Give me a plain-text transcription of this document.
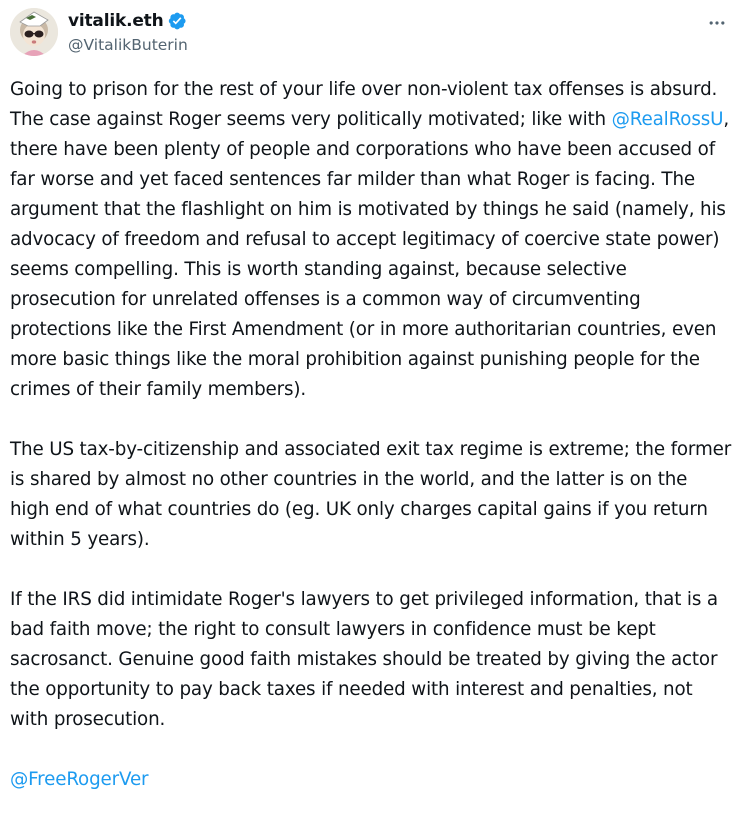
vitalik.eth
@VitalikButerin
Going to prison for the rest of your life over non-violent tax offenses is absurd. The case against Roger seems very politically motivated; like with @RealRossU, there have been plenty of people and corporations who have been accused of far worse and yet faced sentences far milder than what Roger is facing. The argument that the flashlight on him is motivated by things he said (namely, his advocacy of freedom and refusal to accept legitimacy of coercive state power) seems compelling. This is worth standing against, because selective prosecution for unrelated offenses is a common way of circumventing protections like the First Amendment (or in more authoritarian countries, even more basic things like the moral prohibition against punishing people for the crimes of their family members).
The US tax-by-citizenship and associated exit tax regime is extreme; the former is shared by almost no other countries in the world, and the latter is on the high end of what countries do (eg. UK only charges capital gains if you return within 5 years).
If the IRS did intimidate Roger's lawyers to get privileged information, that is a bad faith move; the right to consult lawyers in confidence must be kept sacrosanct. Genuine good faith mistakes should be treated by giving the actor the opportunity to pay back taxes if needed with interest and penalties, not with prosecution.
@FreeRogerVer
